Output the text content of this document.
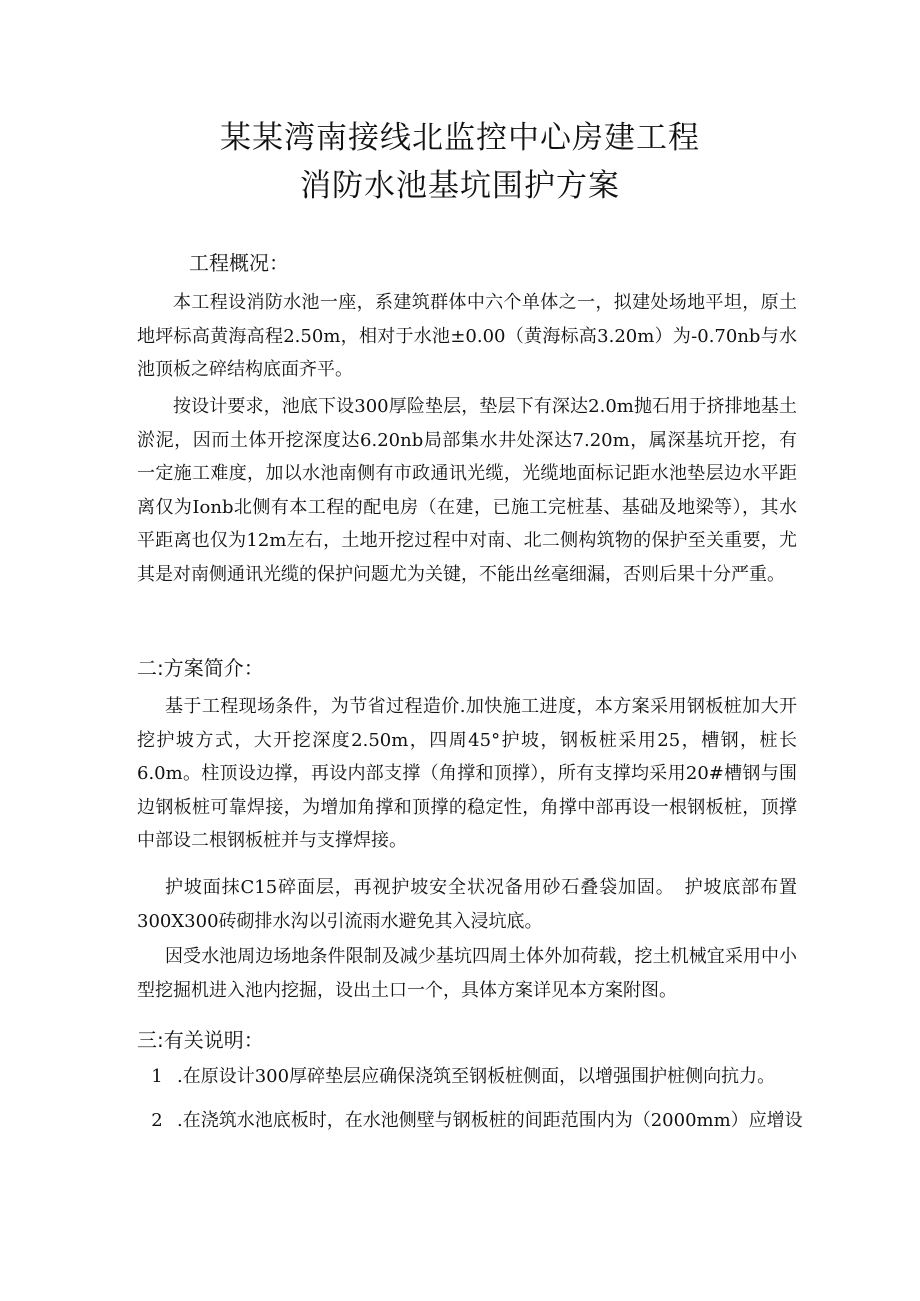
某某湾南接线北监控中心房建工程
消防水池基坑围护方案
工程概况：
本工程设消防水池一座，系建筑群体中六个单体之一，拟建处场地平坦，原土地坪标高黄海高程2.50m，相对于水池±0.00（黄海标高3.20m）为-0.70nb与水池顶板之碎结构底面齐平。
按设计要求，池底下设300厚险垫层，垫层下有深达2.0m抛石用于挤排地基土淤泥，因而土体开挖深度达6.20nb局部集水井处深达7.20m，属深基坑开挖，有一定施工难度，加以水池南侧有市政通讯光缆，光缆地面标记距水池垫层边水平距离仅为Ionb北侧有本工程的配电房（在建，已施工完桩基、基础及地梁等），其水平距离也仅为12m左右，土地开挖过程中对南、北二侧构筑物的保护至关重要，尤其是对南侧通讯光缆的保护问题尤为关键，不能出丝毫细漏，否则后果十分严重。
二:方案简介：
基于工程现场条件，为节省过程造价.加快施工进度，本方案采用钢板桩加大开挖护坡方式，大开挖深度2.50m，四周45°护坡，钢板桩采用25，槽钢，桩长6.0m。柱顶设边撑，再设内部支撑（角撑和顶撑），所有支撑均采用20#槽钢与围边钢板桩可靠焊接，为增加角撑和顶撑的稳定性，角撑中部再设一根钢板桩，顶撑中部设二根钢板桩并与支撑焊接。
护坡面抹C15碎面层，再视护坡安全状况备用砂石叠袋加固。　护坡底部布置300X300砖砌排水沟以引流雨水避免其入浸坑底。
因受水池周边场地条件限制及减少基坑四周土体外加荷载，挖土机械宜采用中小型挖掘机进入池内挖掘，设出土口一个，具体方案详见本方案附图。
三:有关说明：
1 .在原设计300厚碎垫层应确保浇筑至钢板桩侧面，以增强围护桩侧向抗力。
2 .在浇筑水池底板时，在水池侧壁与钢板桩的间距范围内为（2000mm）应增设
